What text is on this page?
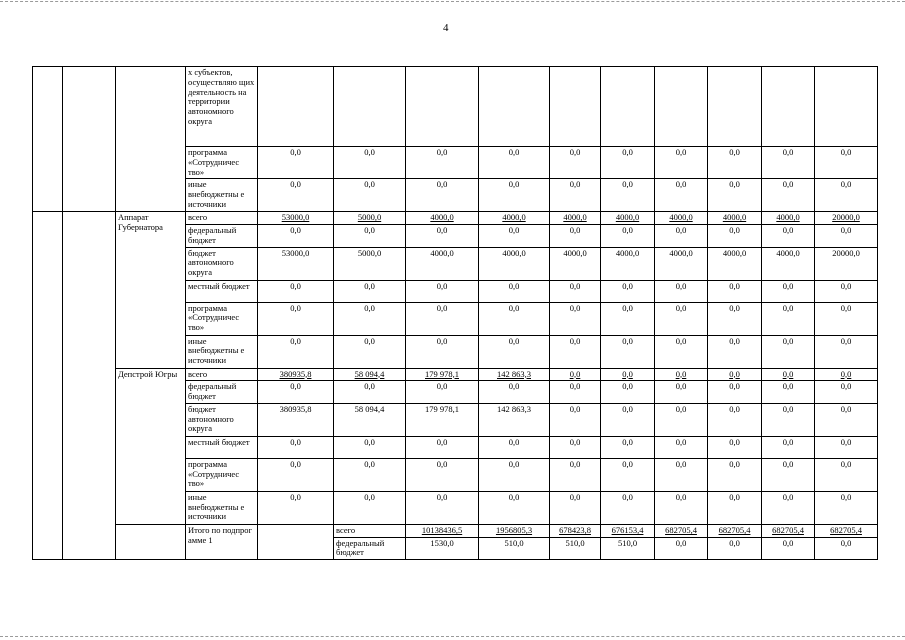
4
			х субъектов, осуществляю щих деятельность на территории автономного округа											
			программа «Сотрудничес тво»	0,0	0,0	0,0	0,0	0,0	0,0	0,0	0,0	0,0	0,0	
			иные внебюджетны е источники	0,0	0,0	0,0	0,0	0,0	0,0	0,0	0,0	0,0	0,0	
		Аппарат Губернатора	всего	53000,0	5000,0	4000,0	4000,0	4000,0	4000,0	4000,0	4000,0	4000,0	20000,0	
			федеральный бюджет	0,0	0,0	0,0	0,0	0,0	0,0	0,0	0,0	0,0	0,0	
			бюджет автономного округа	53000,0	5000,0	4000,0	4000,0	4000,0	4000,0	4000,0	4000,0	4000,0	20000,0	
			местный бюджет	0,0	0,0	0,0	0,0	0,0	0,0	0,0	0,0	0,0	0,0	
			программа «Сотрудничес тво»	0,0	0,0	0,0	0,0	0,0	0,0	0,0	0,0	0,0	0,0	
			иные внебюджетны е источники	0,0	0,0	0,0	0,0	0,0	0,0	0,0	0,0	0,0	0,0	
		Депстрой Югры	всего	380935,8	58 094,4	179 978,1	142 863,3	0,0	0,0	0,0	0,0	0,0	0,0	
			федеральный бюджет	0,0	0,0	0,0	0,0	0,0	0,0	0,0	0,0	0,0	0,0	
			бюджет автономного округа	380935,8	58 094,4	179 978,1	142 863,3	0,0	0,0	0,0	0,0	0,0	0,0	
			местный бюджет	0,0	0,0	0,0	0,0	0,0	0,0	0,0	0,0	0,0	0,0	
			программа «Сотрудничес тво»	0,0	0,0	0,0	0,0	0,0	0,0	0,0	0,0	0,0	0,0	
			иные внебюджетны е источники	0,0	0,0	0,0	0,0	0,0	0,0	0,0	0,0	0,0	0,0	
			Итого по подпрог амме 1		всего	10138436,5	1956805,3	678423,8	676153,4	682705,4	682705,4	682705,4	682705,4		
					федеральный бюджет	1530,0	510,0	510,0	510,0	0,0	0,0	0,0	0,0		
